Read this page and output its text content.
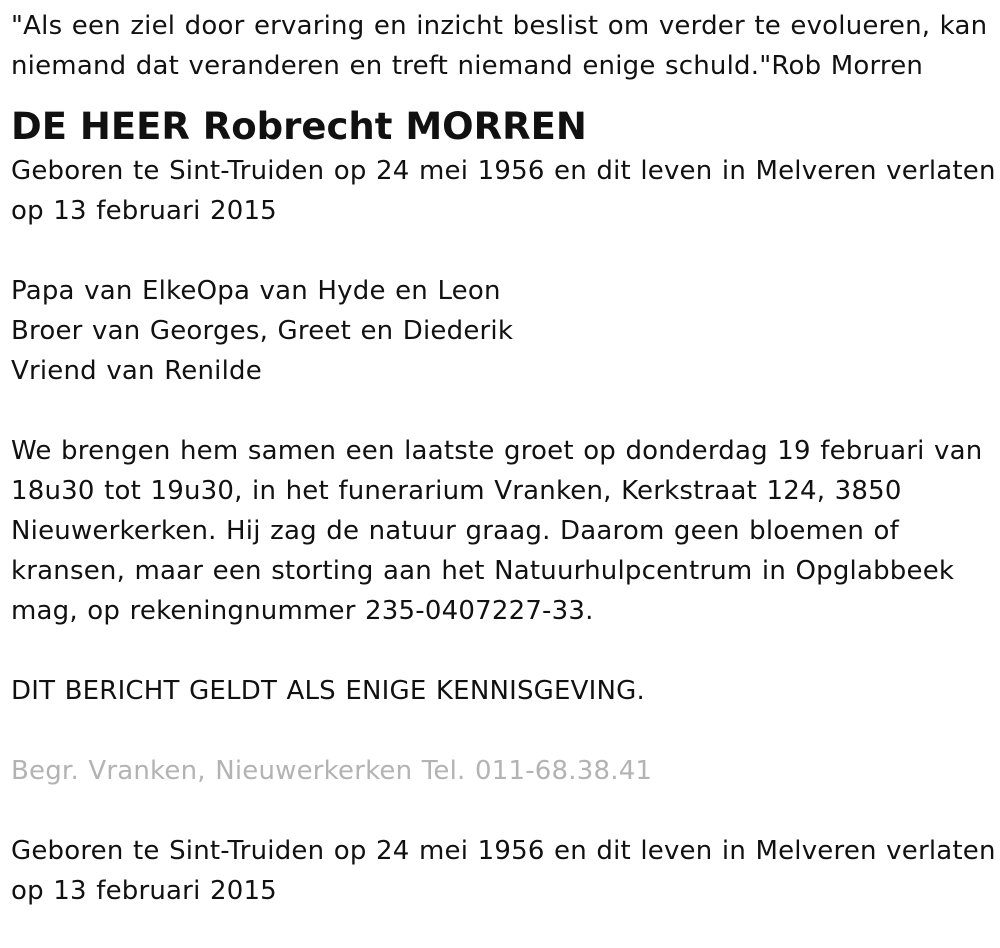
"Als een ziel door ervaring en inzicht beslist om verder te evolueren, kan niemand dat veranderen en treft niemand enige schuld."Rob Morren

DE HEER Robrecht MORREN

Geboren te Sint-Truiden op 24 mei 1956 en dit leven in Melveren verlaten op 13 februari 2015

Papa van ElkeOpa van Hyde en Leon
Broer van Georges, Greet en Diederik
Vriend van Renilde

We brengen hem samen een laatste groet op donderdag 19 februari van 18u30 tot 19u30, in het funerarium Vranken, Kerkstraat 124, 3850 Nieuwerkerken. Hij zag de natuur graag. Daarom geen bloemen of kransen, maar een storting aan het Natuurhulpcentrum in Opglabbeek mag, op rekeningnummer 235-0407227-33.

DIT BERICHT GELDT ALS ENIGE KENNISGEVING.

Begr. Vranken, Nieuwerkerken Tel. 011-68.38.41

Geboren te Sint-Truiden op 24 mei 1956 en dit leven in Melveren verlaten op 13 februari 2015
